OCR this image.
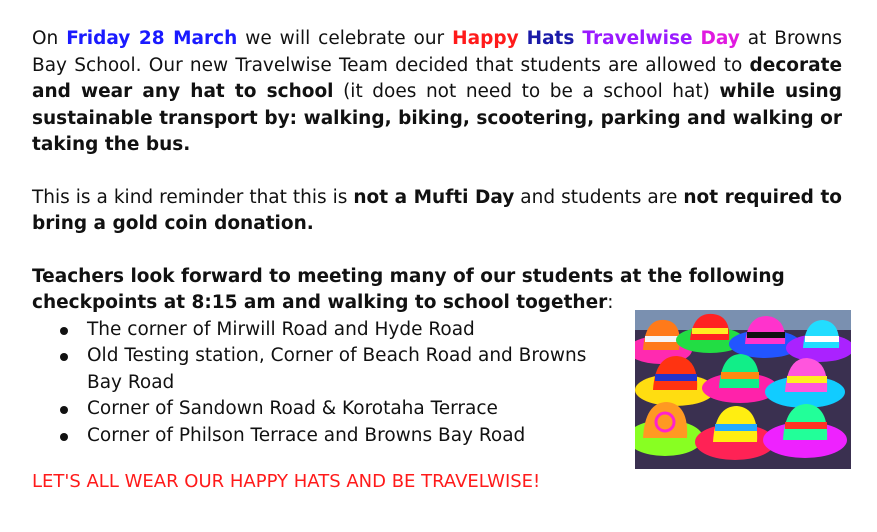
On Friday 28 March we will celebrate our Happy Hats Travelwise Day at Browns Bay School. Our new Travelwise Team decided that students are allowed to decorate and wear any hat to school (it does not need to be a school hat) while using sustainable transport by: walking, biking, scootering, parking and walking or taking the bus.

This is a kind reminder that this is not a Mufti Day and students are not required to bring a gold coin donation.

Teachers look forward to meeting many of our students at the following checkpoints at 8:15 am and walking to school together:

The corner of Mirwill Road and Hyde Road
Old Testing station, Corner of Beach Road and Browns Bay Road
Corner of Sandown Road & Korotaha Terrace
Corner of Philson Terrace and Browns Bay Road
LET'S ALL WEAR OUR HAPPY HATS AND BE TRAVELWISE!
